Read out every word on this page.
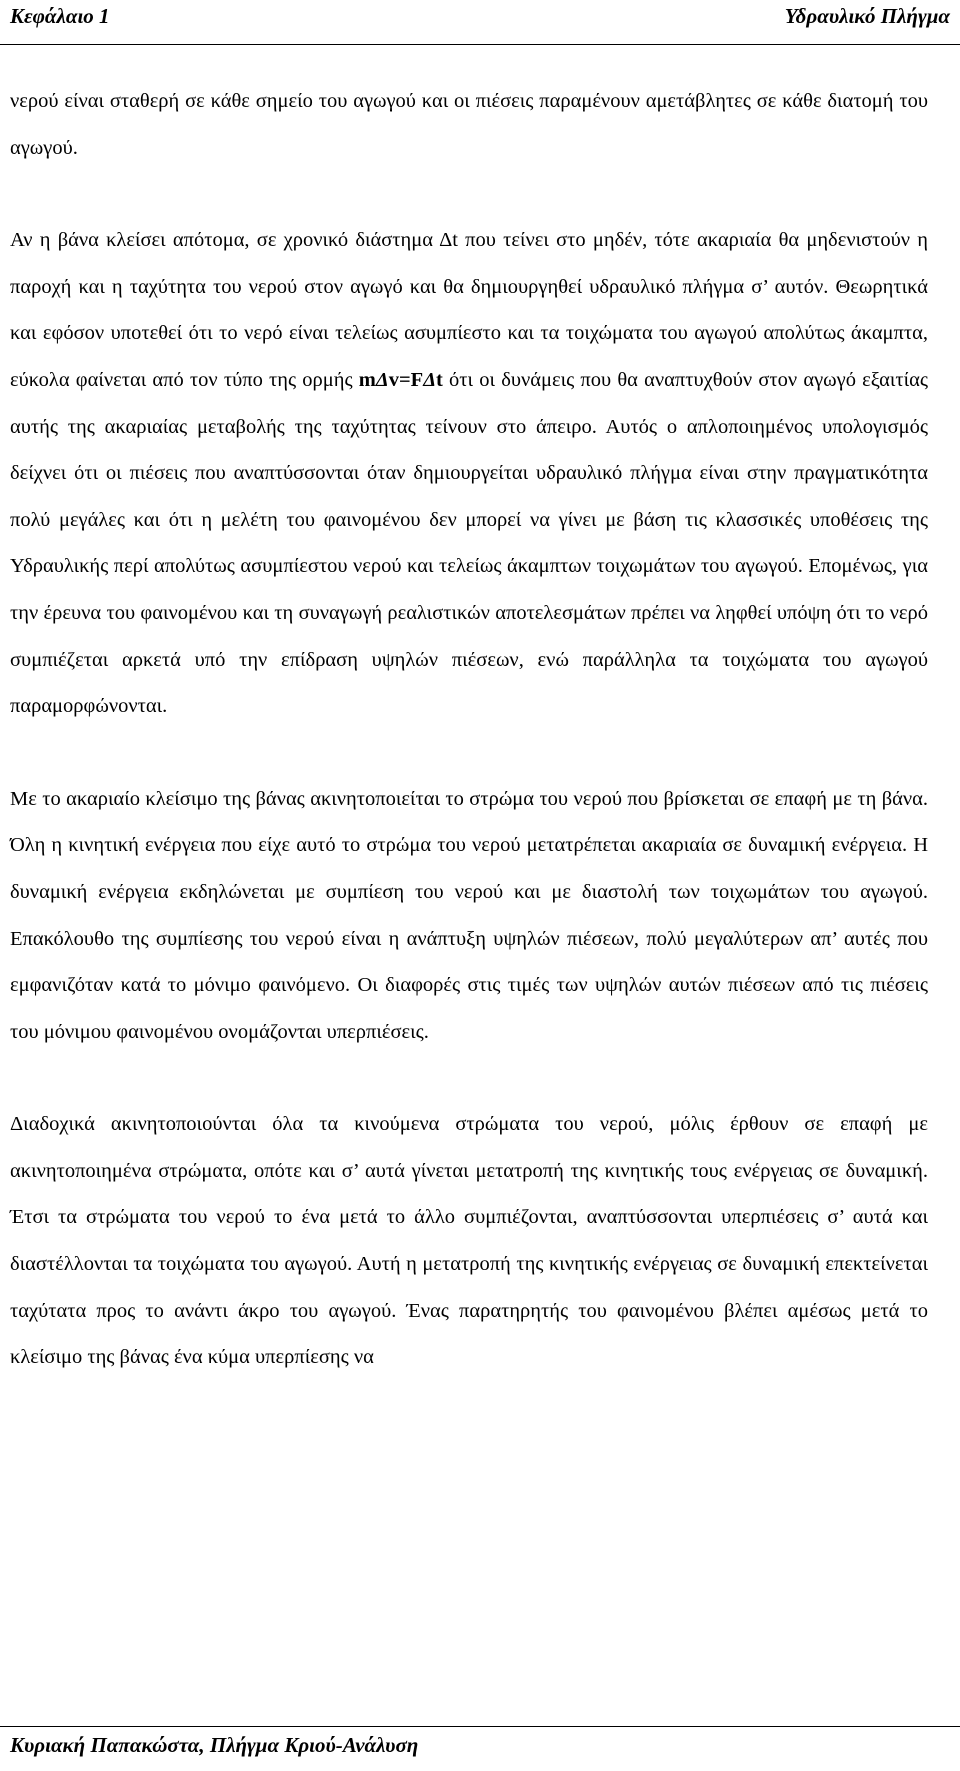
Κεφάλαιο 1	Υδραυλικό Πλήγμα

νερού είναι σταθερή σε κάθε σημείο του αγωγού και οι πιέσεις παραμένουν αμετάβλητες σε κάθε διατομή του αγωγού.

Αν η βάνα κλείσει απότομα, σε χρονικό διάστημα Δt που τείνει στο μηδέν, τότε ακαριαία θα μηδενιστούν η παροχή και η ταχύτητα του νερού στον αγωγό και θα δημιουργηθεί υδραυλικό πλήγμα σ’ αυτόν. Θεωρητικά και εφόσον υποτεθεί ότι το νερό είναι τελείως ασυμπίεστο και τα τοιχώματα του αγωγού απολύτως άκαμπτα, εύκολα φαίνεται από τον τύπο της ορμής mΔv=FΔt ότι οι δυνάμεις που θα αναπτυχθούν στον αγωγό εξαιτίας αυτής της ακαριαίας μεταβολής της ταχύτητας τείνουν στο άπειρο. Αυτός ο απλοποιημένος υπολογισμός δείχνει ότι οι πιέσεις που αναπτύσσονται όταν δημιουργείται υδραυλικό πλήγμα είναι στην πραγματικότητα πολύ μεγάλες και ότι η μελέτη του φαινομένου δεν μπορεί να γίνει με βάση τις κλασσικές υποθέσεις της Υδραυλικής περί απολύτως ασυμπίεστου νερού και τελείως άκαμπτων τοιχωμάτων του αγωγού. Επομένως, για την έρευνα του φαινομένου και τη συναγωγή ρεαλιστικών αποτελεσμάτων πρέπει να ληφθεί υπόψη ότι το νερό συμπιέζεται αρκετά υπό την επίδραση υψηλών πιέσεων, ενώ παράλληλα τα τοιχώματα του αγωγού παραμορφώνονται.

Με το ακαριαίο κλείσιμο της βάνας ακινητοποιείται το στρώμα του νερού που βρίσκεται σε επαφή με τη βάνα. Όλη η κινητική ενέργεια που είχε αυτό το στρώμα του νερού μετατρέπεται ακαριαία σε δυναμική ενέργεια. Η δυναμική ενέργεια εκδηλώνεται με συμπίεση του νερού και με διαστολή των τοιχωμάτων του αγωγού. Επακόλουθο της συμπίεσης του νερού είναι η ανάπτυξη υψηλών πιέσεων, πολύ μεγαλύτερων απ’ αυτές που εμφανιζόταν κατά το μόνιμο φαινόμενο. Οι διαφορές στις τιμές των υψηλών αυτών πιέσεων από τις πιέσεις του μόνιμου φαινομένου ονομάζονται υπερπιέσεις.

Διαδοχικά ακινητοποιούνται όλα τα κινούμενα στρώματα του νερού, μόλις έρθουν σε επαφή με ακινητοποιημένα στρώματα, οπότε και σ’ αυτά γίνεται μετατροπή της κινητικής τους ενέργειας σε δυναμική. Έτσι τα στρώματα του νερού το ένα μετά το άλλο συμπιέζονται, αναπτύσσονται υπερπιέσεις σ’ αυτά και διαστέλλονται τα τοιχώματα του αγωγού. Αυτή η μετατροπή της κινητικής ενέργειας σε δυναμική επεκτείνεται ταχύτατα προς το ανάντι άκρο του αγωγού. Ένας παρατηρητής του φαινομένου βλέπει αμέσως μετά το κλείσιμο της βάνας ένα κύμα υπερπίεσης να

Κυριακή Παπακώστα, Πλήγμα Κριού-Ανάλυση
